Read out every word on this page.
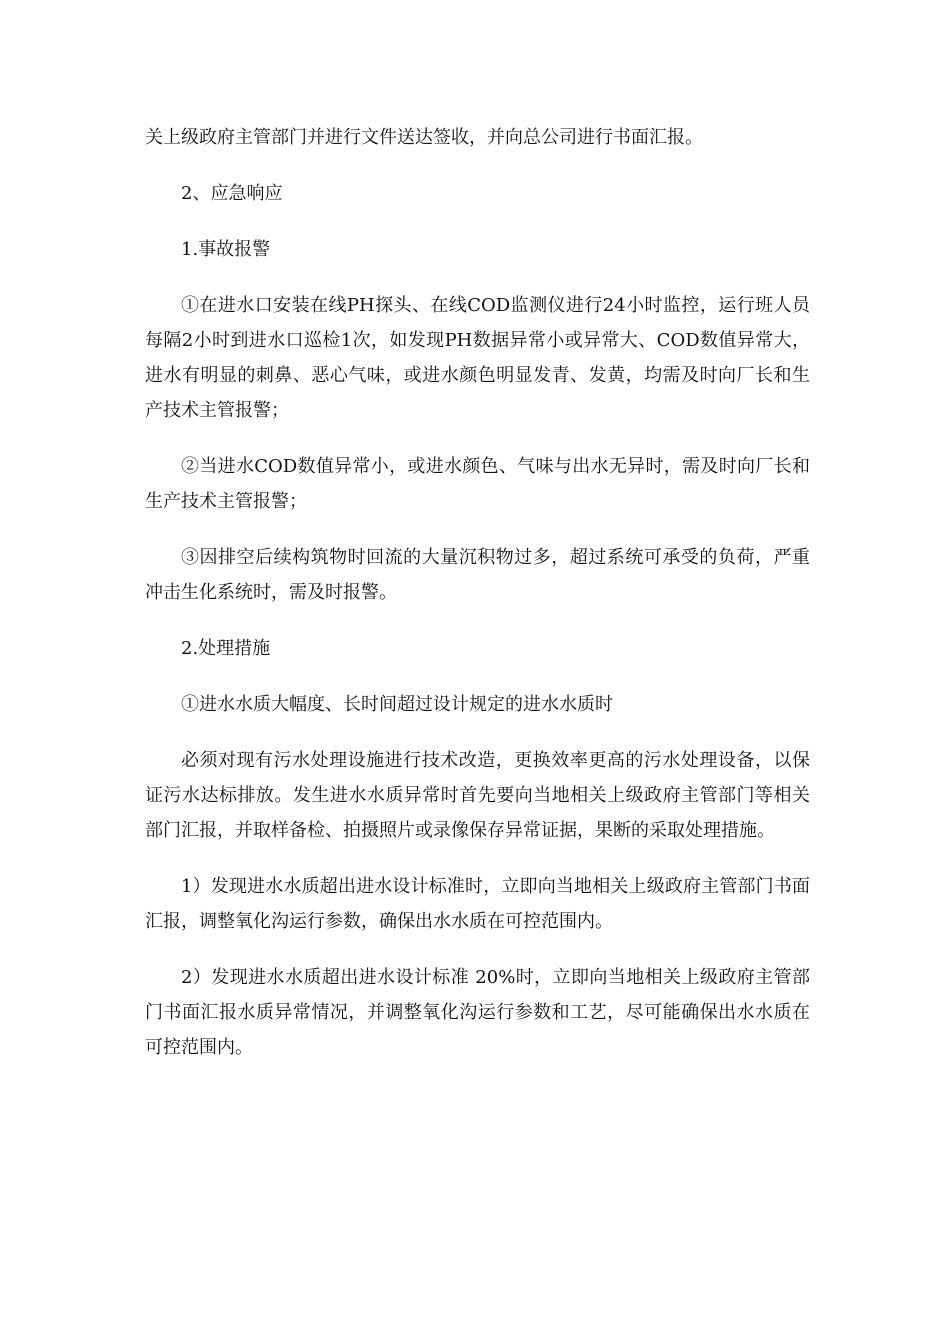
关上级政府主管部门并进行文件送达签收，并向总公司进行书面汇报。

2、应急响应

1.事故报警

①在进水口安装在线PH探头、在线COD监测仪进行24小时监控，运行班人员每隔2小时到进水口巡检1次，如发现PH数据异常小或异常大、COD数值异常大，进水有明显的刺鼻、恶心气味，或进水颜色明显发青、发黄，均需及时向厂长和生产技术主管报警；

②当进水COD数值异常小，或进水颜色、气味与出水无异时，需及时向厂长和生产技术主管报警；

③因排空后续构筑物时回流的大量沉积物过多，超过系统可承受的负荷，严重冲击生化系统时，需及时报警。

2.处理措施

①进水水质大幅度、长时间超过设计规定的进水水质时

必须对现有污水处理设施进行技术改造，更换效率更高的污水处理设备，以保证污水达标排放。发生进水水质异常时首先要向当地相关上级政府主管部门等相关部门汇报，并取样备检、拍摄照片或录像保存异常证据，果断的采取处理措施。

1）发现进水水质超出进水设计标准时，立即向当地相关上级政府主管部门书面汇报，调整氧化沟运行参数，确保出水水质在可控范围内。

2）发现进水水质超出进水设计标准 20%时，立即向当地相关上级政府主管部门书面汇报水质异常情况，并调整氧化沟运行参数和工艺，尽可能确保出水水质在可控范围内。
